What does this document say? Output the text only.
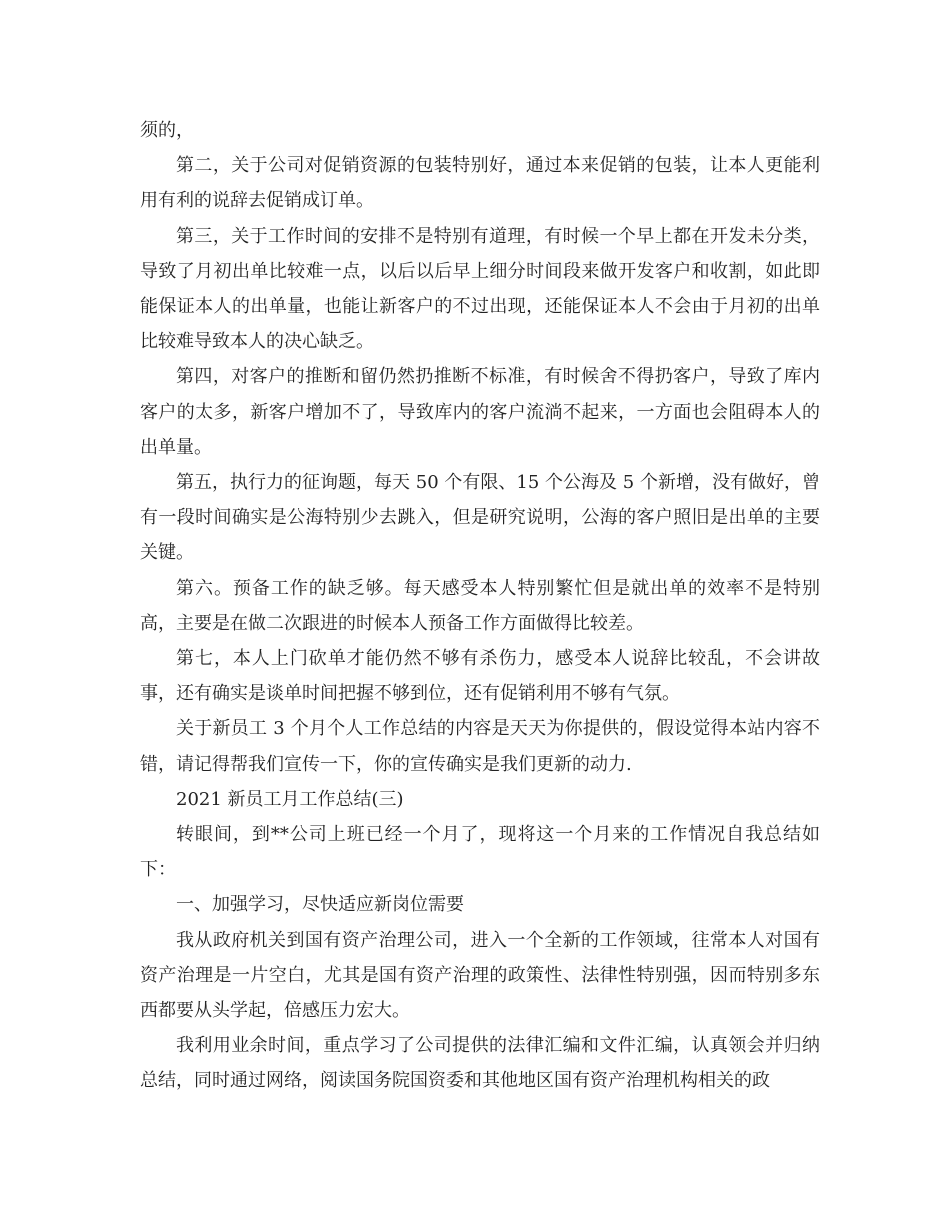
须的，

第二，关于公司对促销资源的包装特别好，通过本来促销的包装，让本人更能利用有利的说辞去促销成订单。

第三，关于工作时间的安排不是特别有道理，有时候一个早上都在开发未分类，导致了月初出单比较难一点，以后以后早上细分时间段来做开发客户和收割，如此即能保证本人的出单量，也能让新客户的不过出现，还能保证本人不会由于月初的出单比较难导致本人的决心缺乏。

第四，对客户的推断和留仍然扔推断不标准，有时候舍不得扔客户，导致了库内客户的太多，新客户增加不了，导致库内的客户流淌不起来，一方面也会阻碍本人的出单量。

第五，执行力的征询题，每天 50 个有限、15 个公海及 5 个新增，没有做好，曾有一段时间确实是公海特别少去跳入，但是研究说明，公海的客户照旧是出单的主要关键。

第六。预备工作的缺乏够。每天感受本人特别繁忙但是就出单的效率不是特别高，主要是在做二次跟进的时候本人预备工作方面做得比较差。

第七，本人上门砍单才能仍然不够有杀伤力，感受本人说辞比较乱，不会讲故事，还有确实是谈单时间把握不够到位，还有促销利用不够有气氛。

关于新员工 3 个月个人工作总结的内容是天天为你提供的，假设觉得本站内容不错，请记得帮我们宣传一下，你的宣传确实是我们更新的动力.

2021 新员工月工作总结(三)

转眼间，到**公司上班已经一个月了，现将这一个月来的工作情况自我总结如下：

一、加强学习，尽快适应新岗位需要

我从政府机关到国有资产治理公司，进入一个全新的工作领域，往常本人对国有资产治理是一片空白，尤其是国有资产治理的政策性、法律性特别强，因而特别多东西都要从头学起，倍感压力宏大。

我利用业余时间，重点学习了公司提供的法律汇编和文件汇编，认真领会并归纳总结，同时通过网络，阅读国务院国资委和其他地区国有资产治理机构相关的政
